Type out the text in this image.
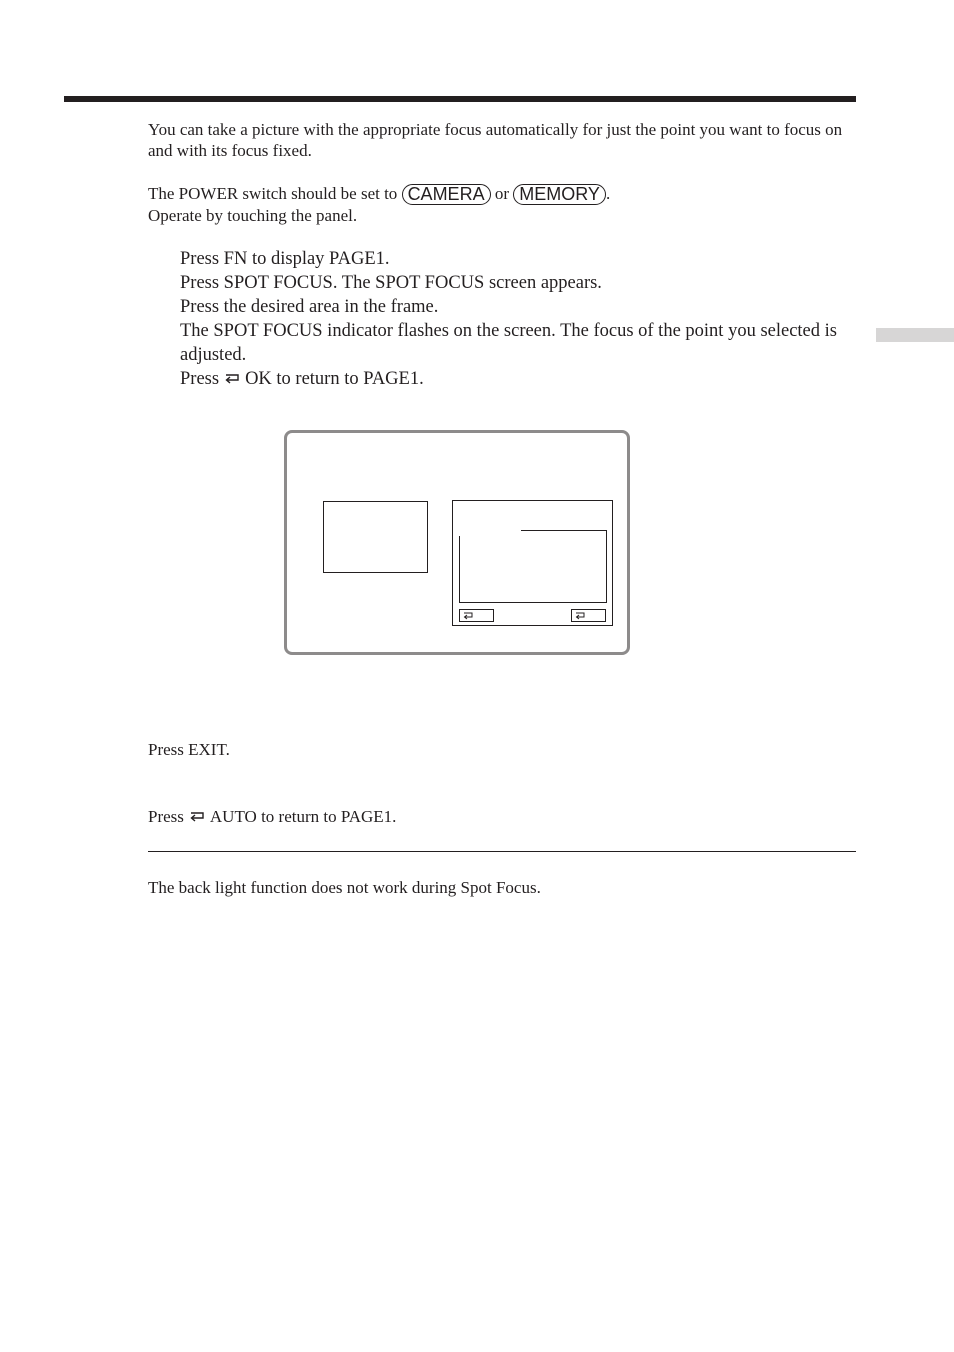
You can take a picture with the appropriate focus automatically for just the point you want to focus on and with its focus fixed.

The POWER switch should be set to CAMERA or MEMORY .

Operate by touching the panel.

Press FN to display PAGE1.

Press SPOT FOCUS. The SPOT FOCUS screen appears.

Press the desired area in the frame.

The SPOT FOCUS indicator flashes on the screen. The focus of the point you selected is adjusted.

Press OK to return to PAGE1.

Press EXIT.

Press AUTO to return to PAGE1.

The back light function does not work during Spot Focus.
